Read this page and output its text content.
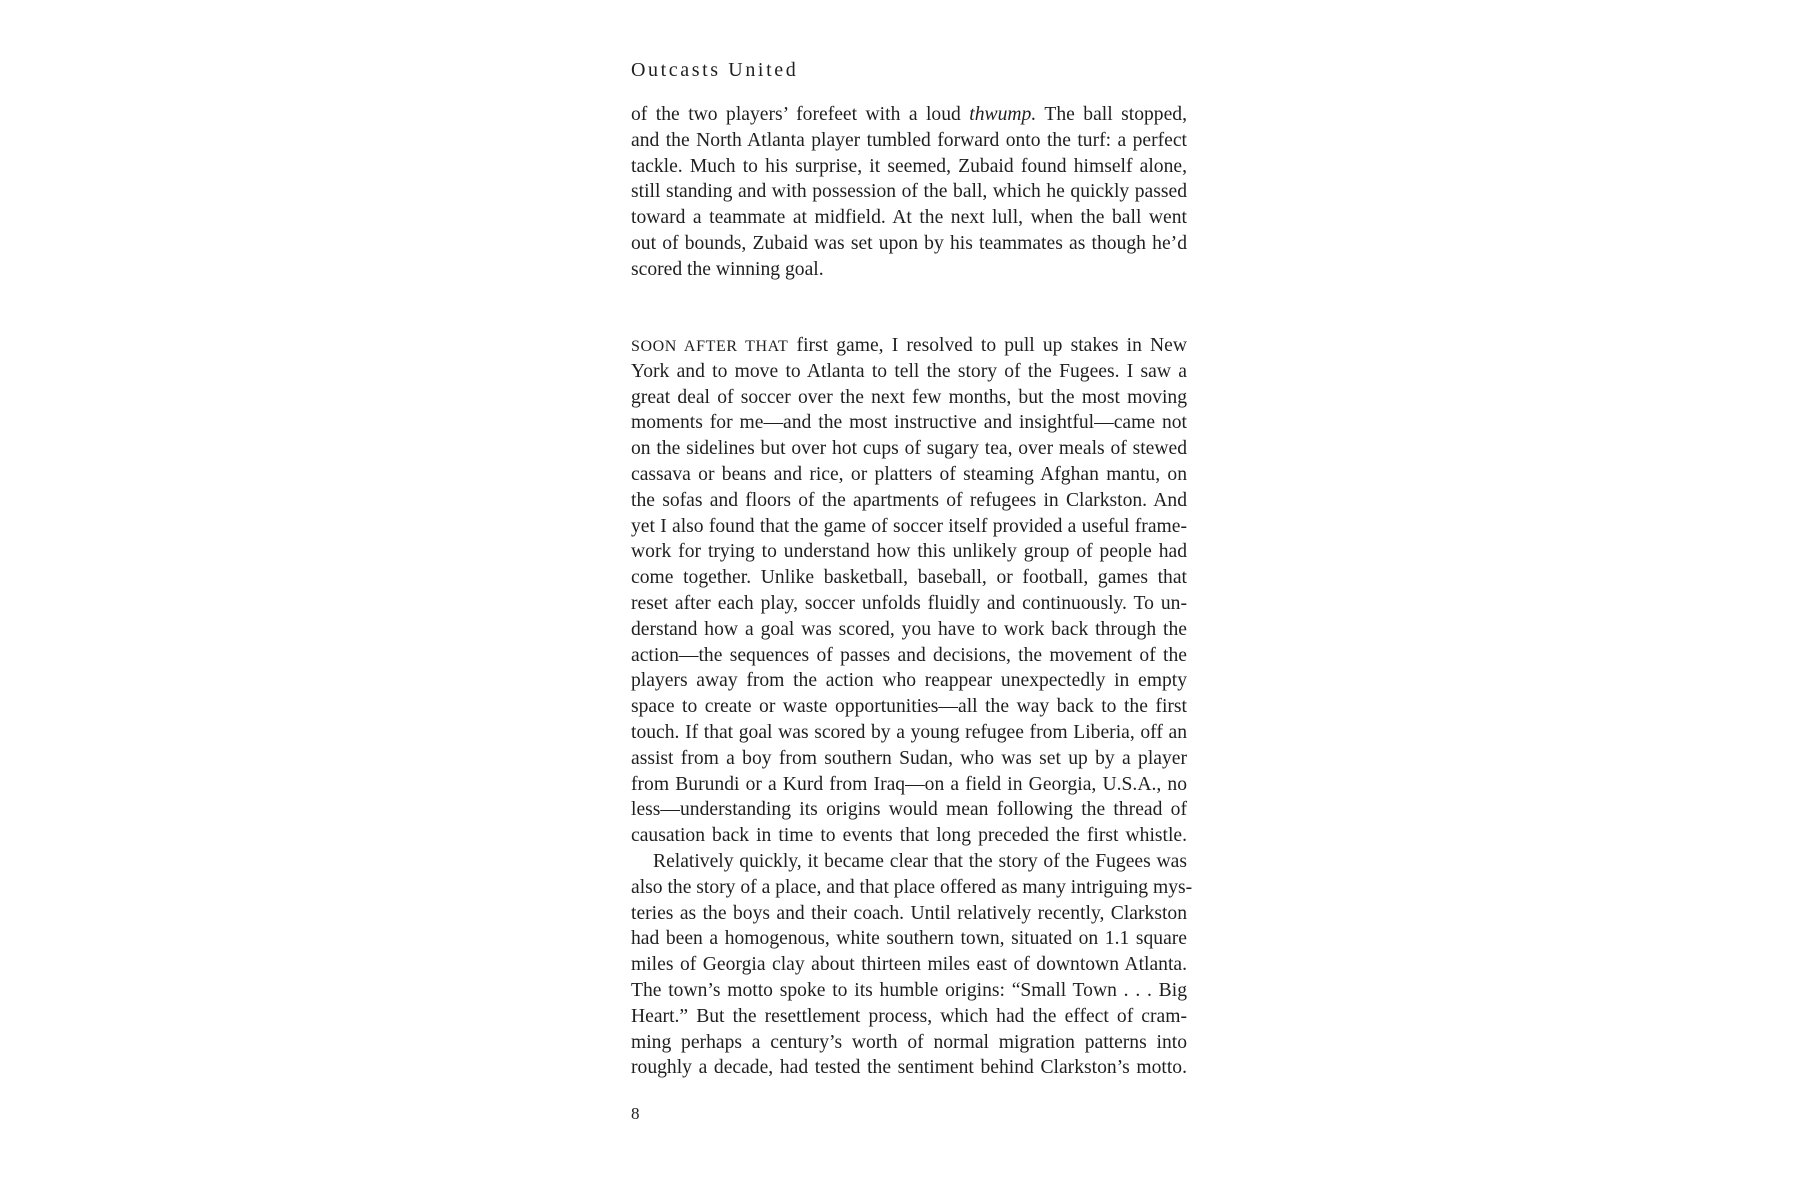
Outcasts United
of the two players’ forefeet with a loud thwump. The ball stopped,
and the North Atlanta player tumbled forward onto the turf: a perfect
tackle. Much to his surprise, it seemed, Zubaid found himself alone,
still standing and with possession of the ball, which he quickly passed
toward a teammate at midfield. At the next lull, when the ball went
out of bounds, Zubaid was set upon by his teammates as though he’d
scored the winning goal.
SOON AFTER THAT first game, I resolved to pull up stakes in New
York and to move to Atlanta to tell the story of the Fugees. I saw a
great deal of soccer over the next few months, but the most moving
moments for me—and the most instructive and insightful—came not
on the sidelines but over hot cups of sugary tea, over meals of stewed
cassava or beans and rice, or platters of steaming Afghan mantu, on
the sofas and floors of the apartments of refugees in Clarkston. And
yet I also found that the game of soccer itself provided a useful frame-
work for trying to understand how this unlikely group of people had
come together. Unlike basketball, baseball, or football, games that
reset after each play, soccer unfolds fluidly and continuously. To un-
derstand how a goal was scored, you have to work back through the
action—the sequences of passes and decisions, the movement of the
players away from the action who reappear unexpectedly in empty
space to create or waste opportunities—all the way back to the first
touch. If that goal was scored by a young refugee from Liberia, off an
assist from a boy from southern Sudan, who was set up by a player
from Burundi or a Kurd from Iraq—on a field in Georgia, U.S.A., no
less—understanding its origins would mean following the thread of
causation back in time to events that long preceded the first whistle.
Relatively quickly, it became clear that the story of the Fugees was
also the story of a place, and that place offered as many intriguing mys-
teries as the boys and their coach. Until relatively recently, Clarkston
had been a homogenous, white southern town, situated on 1.1 square
miles of Georgia clay about thirteen miles east of downtown Atlanta.
The town’s motto spoke to its humble origins: “Small Town . . . Big
Heart.” But the resettlement process, which had the effect of cram-
ming perhaps a century’s worth of normal migration patterns into
roughly a decade, had tested the sentiment behind Clarkston’s motto.
8
